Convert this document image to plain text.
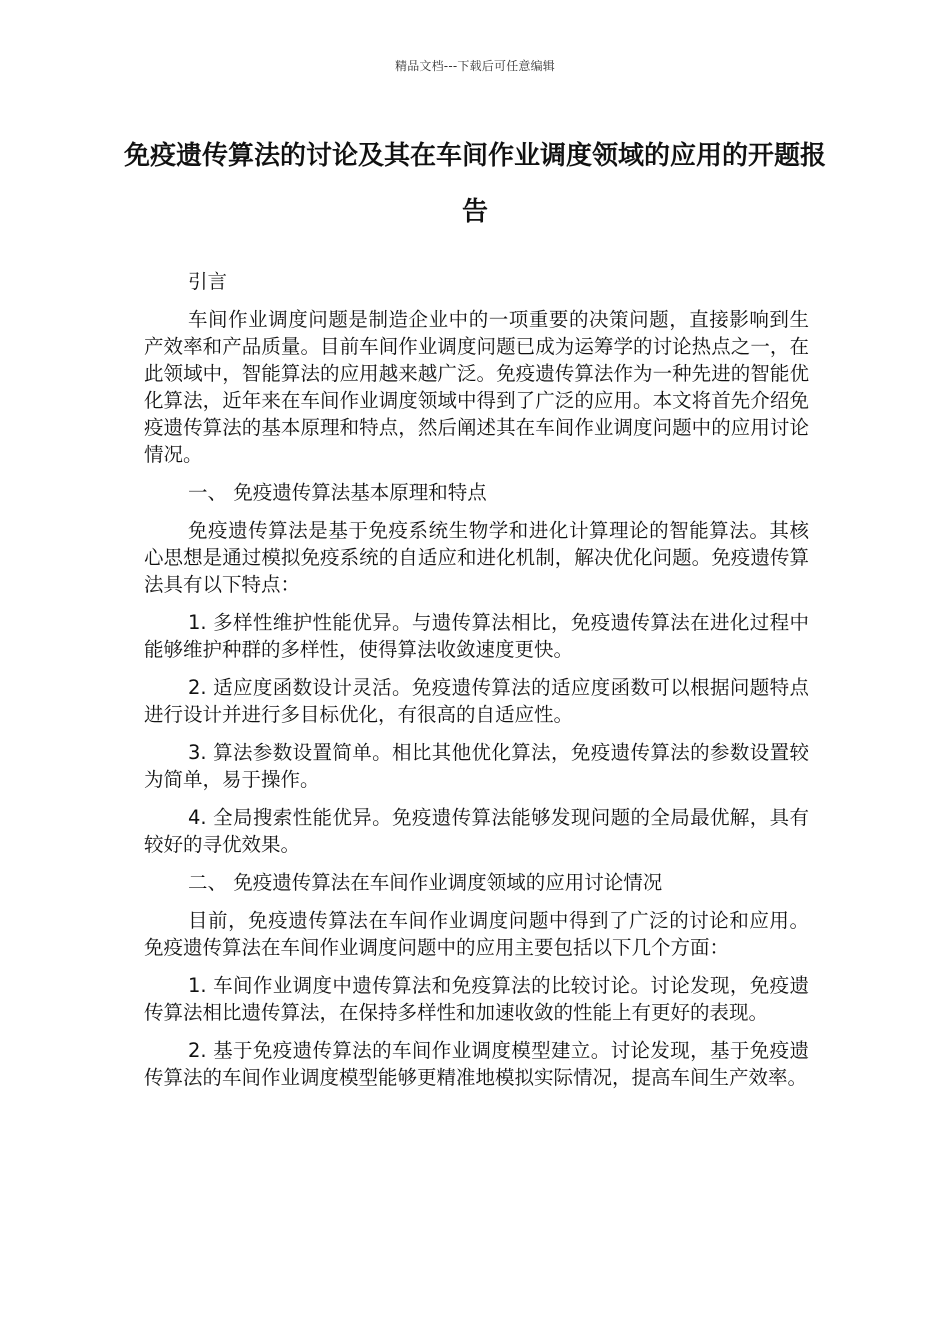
精品文档---下载后可任意编辑
免疫遗传算法的讨论及其在车间作业调度领域的应用的开题报告

引言

车间作业调度问题是制造企业中的一项重要的决策问题，直接影响到生产效率和产品质量。目前车间作业调度问题已成为运筹学的讨论热点之一，在此领域中，智能算法的应用越来越广泛。免疫遗传算法作为一种先进的智能优化算法，近年来在车间作业调度领域中得到了广泛的应用。本文将首先介绍免疫遗传算法的基本原理和特点，然后阐述其在车间作业调度问题中的应用讨论情况。

一、 免疫遗传算法基本原理和特点

免疫遗传算法是基于免疫系统生物学和进化计算理论的智能算法。其核心思想是通过模拟免疫系统的自适应和进化机制，解决优化问题。免疫遗传算法具有以下特点：

1. 多样性维护性能优异。与遗传算法相比，免疫遗传算法在进化过程中能够维护种群的多样性，使得算法收敛速度更快。

2. 适应度函数设计灵活。免疫遗传算法的适应度函数可以根据问题特点进行设计并进行多目标优化，有很高的自适应性。

3. 算法参数设置简单。相比其他优化算法，免疫遗传算法的参数设置较为简单，易于操作。

4. 全局搜索性能优异。免疫遗传算法能够发现问题的全局最优解，具有较好的寻优效果。

二、 免疫遗传算法在车间作业调度领域的应用讨论情况

目前，免疫遗传算法在车间作业调度问题中得到了广泛的讨论和应用。免疫遗传算法在车间作业调度问题中的应用主要包括以下几个方面：

1. 车间作业调度中遗传算法和免疫算法的比较讨论。讨论发现，免疫遗传算法相比遗传算法，在保持多样性和加速收敛的性能上有更好的表现。

2. 基于免疫遗传算法的车间作业调度模型建立。讨论发现，基于免疫遗传算法的车间作业调度模型能够更精准地模拟实际情况，提高车间生产效率。
